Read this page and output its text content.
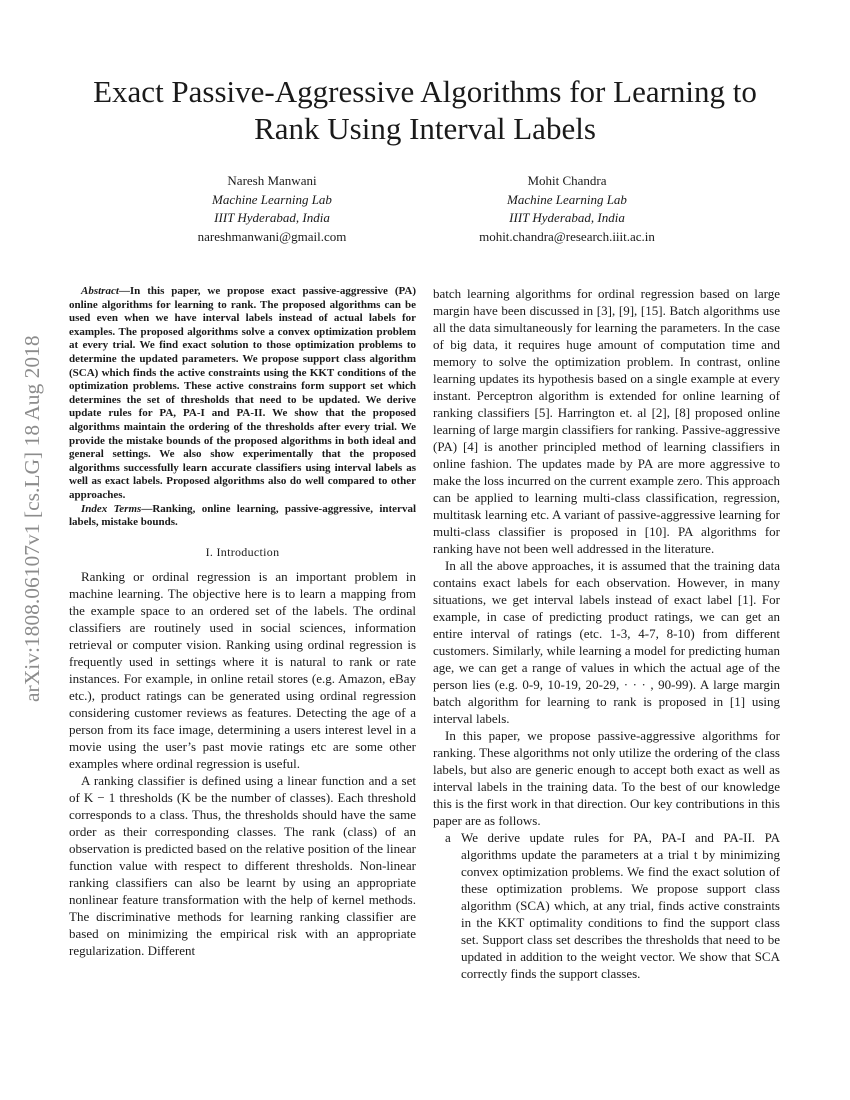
arXiv:1808.06107v1 [cs.LG] 18 Aug 2018
Exact Passive-Aggressive Algorithms for Learning to Rank Using Interval Labels
Naresh Manwani
Machine Learning Lab
IIIT Hyderabad, India
nareshmanwani@gmail.com
Mohit Chandra
Machine Learning Lab
IIIT Hyderabad, India
mohit.chandra@research.iiit.ac.in

Abstract—In this paper, we propose exact passive-aggressive (PA) online algorithms for learning to rank. The proposed algorithms can be used even when we have interval labels instead of actual labels for examples. The proposed algorithms solve a convex optimization problem at every trial. We find exact solution to those optimization problems to determine the updated parameters. We propose support class algorithm (SCA) which finds the active constraints using the KKT conditions of the optimization problems. These active constrains form support set which determines the set of thresholds that need to be updated. We derive update rules for PA, PA-I and PA-II. We show that the proposed algorithms maintain the ordering of the thresholds after every trial. We provide the mistake bounds of the proposed algorithms in both ideal and general settings. We also show experimentally that the proposed algorithms successfully learn accurate classifiers using interval labels as well as exact labels. Proposed algorithms also do well compared to other approaches.

Index Terms—Ranking, online learning, passive-aggressive, interval labels, mistake bounds.

I. Introduction

Ranking or ordinal regression is an important problem in machine learning. The objective here is to learn a mapping from the example space to an ordered set of the labels. The ordinal classifiers are routinely used in social sciences, information retrieval or computer vision. Ranking using ordinal regression is frequently used in settings where it is natural to rank or rate instances. For example, in online retail stores (e.g. Amazon, eBay etc.), product ratings can be generated using ordinal regression considering customer reviews as features. Detecting the age of a person from its face image, determining a users interest level in a movie using the user’s past movie ratings etc are some other examples where ordinal regression is useful.

A ranking classifier is defined using a linear function and a set of K − 1 thresholds (K be the number of classes). Each threshold corresponds to a class. Thus, the thresholds should have the same order as their corresponding classes. The rank (class) of an observation is predicted based on the relative position of the linear function value with respect to different thresholds. Non-linear ranking classifiers can also be learnt by using an appropriate nonlinear feature transformation with the help of kernel methods. The discriminative methods for learning ranking classifier are based on minimizing the empirical risk with an appropriate regularization. Different

batch learning algorithms for ordinal regression based on large margin have been discussed in [3], [9], [15]. Batch algorithms use all the data simultaneously for learning the parameters. In the case of big data, it requires huge amount of computation time and memory to solve the optimization problem. In contrast, online learning updates its hypothesis based on a single example at every instant. Perceptron algorithm is extended for online learning of ranking classifiers [5]. Harrington et. al [2], [8] proposed online learning of large margin classifiers for ranking. Passive-aggressive (PA) [4] is another principled method of learning classifiers in online fashion. The updates made by PA are more aggressive to make the loss incurred on the current example zero. This approach can be applied to learning multi-class classification, regression, multitask learning etc. A variant of passive-aggressive learning for multi-class classifier is proposed in [10]. PA algorithms for ranking have not been well addressed in the literature.

In all the above approaches, it is assumed that the training data contains exact labels for each observation. However, in many situations, we get interval labels instead of exact label [1]. For example, in case of predicting product ratings, we can get an entire interval of ratings (etc. 1-3, 4-7, 8-10) from different customers. Similarly, while learning a model for predicting human age, we can get a range of values in which the actual age of the person lies (e.g. 0-9, 10-19, 20-29, · · · , 90-99). A large margin batch algorithm for learning to rank is proposed in [1] using interval labels.

In this paper, we propose passive-aggressive algorithms for ranking. These algorithms not only utilize the ordering of the class labels, but also are generic enough to accept both exact as well as interval labels in the training data. To the best of our knowledge this is the first work in that direction. Our key contributions in this paper are as follows.

a We derive update rules for PA, PA-I and PA-II. PA algorithms update the parameters at a trial t by minimizing convex optimization problems. We find the exact solution of these optimization problems. We propose support class algorithm (SCA) which, at any trial, finds active constraints in the KKT optimality conditions to find the support class set. Support class set describes the thresholds that need to be updated in addition to the weight vector. We show that SCA correctly finds the support classes.
